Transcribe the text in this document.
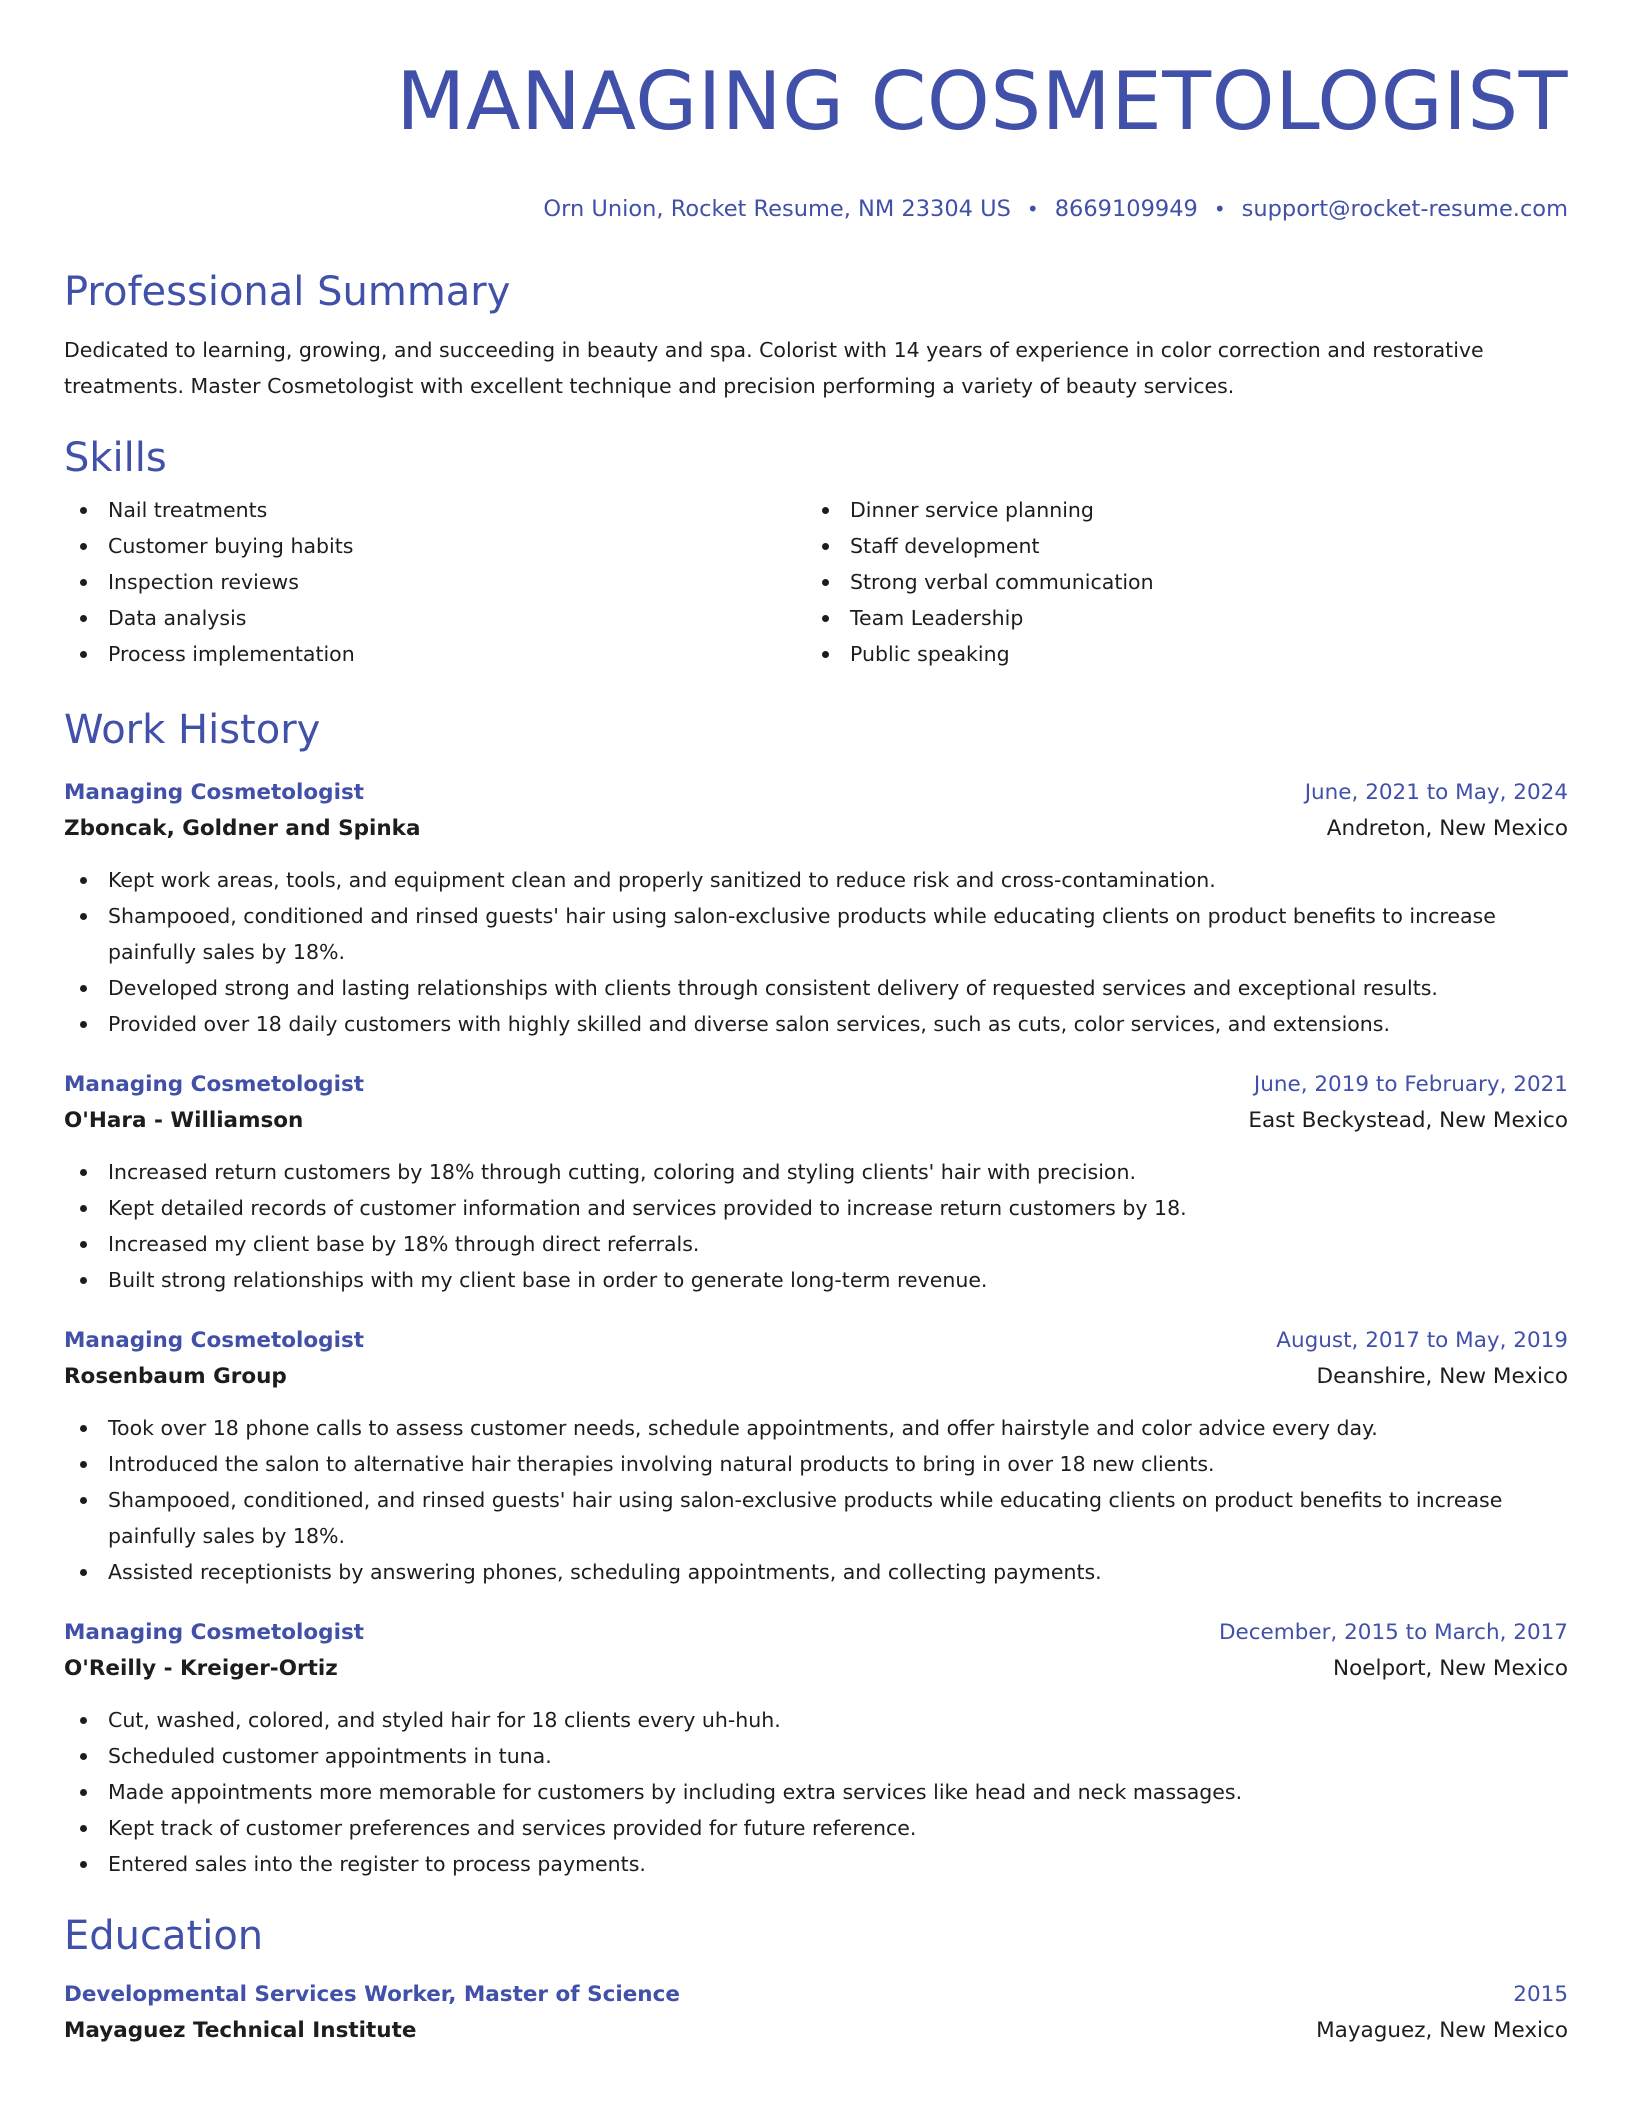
MANAGING COSMETOLOGIST
Orn Union, Rocket Resume, NM 23304 US • 8669109949 • support@rocket-resume.com
Professional Summary

Dedicated to learning, growing, and succeeding in beauty and spa. Colorist with 14 years of experience in color correction and restorative treatments. Master Cosmetologist with excellent technique and precision performing a variety of beauty services.

Skills
Nail treatments
Customer buying habits
Inspection reviews
Data analysis
Process implementation
Dinner service planning
Staff development
Strong verbal communication
Team Leadership
Public speaking
Work History
Managing Cosmetologist	June, 2021 to May, 2024
Zboncak, Goldner and Spinka	Andreton, New Mexico
Kept work areas, tools, and equipment clean and properly sanitized to reduce risk and cross-contamination.
Shampooed, conditioned and rinsed guests' hair using salon-exclusive products while educating clients on product benefits to increase painfully sales by 18%.
Developed strong and lasting relationships with clients through consistent delivery of requested services and exceptional results.
Provided over 18 daily customers with highly skilled and diverse salon services, such as cuts, color services, and extensions.
Managing Cosmetologist	June, 2019 to February, 2021
O'Hara - Williamson	East Beckystead, New Mexico
Increased return customers by 18% through cutting, coloring and styling clients' hair with precision.
Kept detailed records of customer information and services provided to increase return customers by 18.
Increased my client base by 18% through direct referrals.
Built strong relationships with my client base in order to generate long-term revenue.
Managing Cosmetologist	August, 2017 to May, 2019
Rosenbaum Group	Deanshire, New Mexico
Took over 18 phone calls to assess customer needs, schedule appointments, and offer hairstyle and color advice every day.
Introduced the salon to alternative hair therapies involving natural products to bring in over 18 new clients.
Shampooed, conditioned, and rinsed guests' hair using salon-exclusive products while educating clients on product benefits to increase painfully sales by 18%.
Assisted receptionists by answering phones, scheduling appointments, and collecting payments.
Managing Cosmetologist	December, 2015 to March, 2017
O'Reilly - Kreiger-Ortiz	Noelport, New Mexico
Cut, washed, colored, and styled hair for 18 clients every uh-huh.
Scheduled customer appointments in tuna.
Made appointments more memorable for customers by including extra services like head and neck massages.
Kept track of customer preferences and services provided for future reference.
Entered sales into the register to process payments.
Education
Developmental Services Worker, Master of Science	2015
Mayaguez Technical Institute	Mayaguez, New Mexico
